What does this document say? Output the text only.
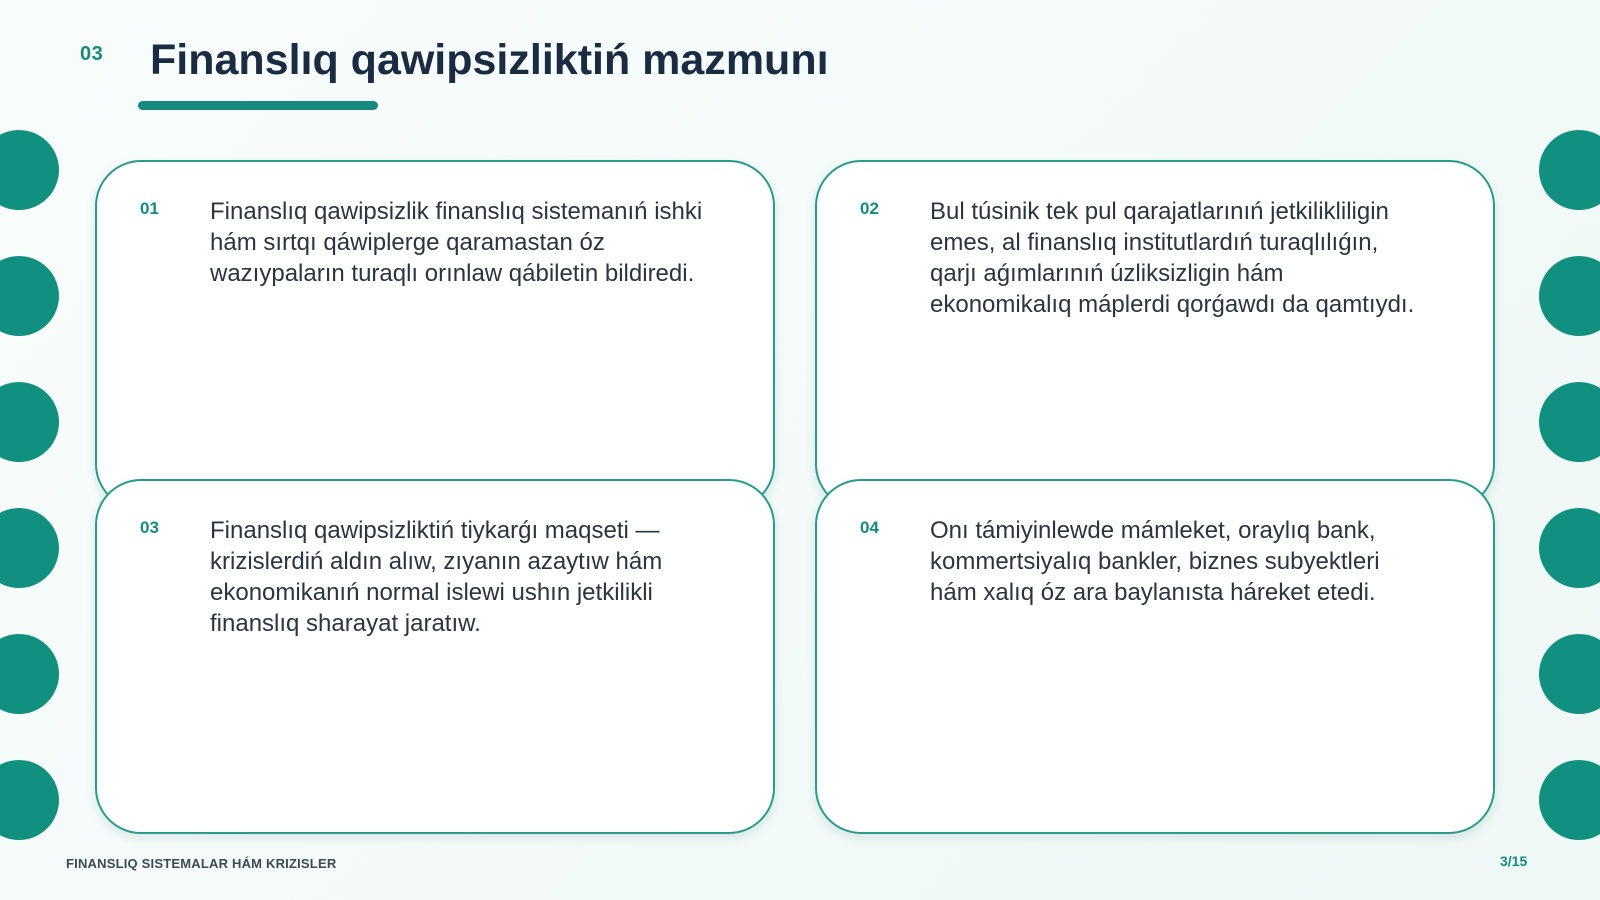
03 Finanslıq qawipsizliktiń mazmunı
01 Finanslıq qawipsizlik finanslıq sistemanıń ishki hám sırtqı qáwiplerge qaramastan óz wazıypaların turaqlı orınlaw qábiletin bildiredi.

02 Bul túsinik tek pul qarajatlarınıń jetkilikliligin emes, al finanslıq institutlardıń turaqlılıǵın, qarjı aǵımlarınıń úzliksizligin hám ekonomikalıq máplerdi qorǵawdı da qamtıydı.

03 Finanslıq qawipsizliktiń tiykarǵı maqseti — krizislerdiń aldın alıw, zıyanın azaytıw hám ekonomikanıń normal islewi ushın jetkilikli finanslıq sharayat jaratıw.

04 Onı támiyinlewde mámleket, oraylıq bank, kommertsiyalıq bankler, biznes subyektleri hám xalıq óz ara baylanısta háreket etedi.

FINANSLIQ SISTEMALAR HÁM KRIZISLER	3/15
